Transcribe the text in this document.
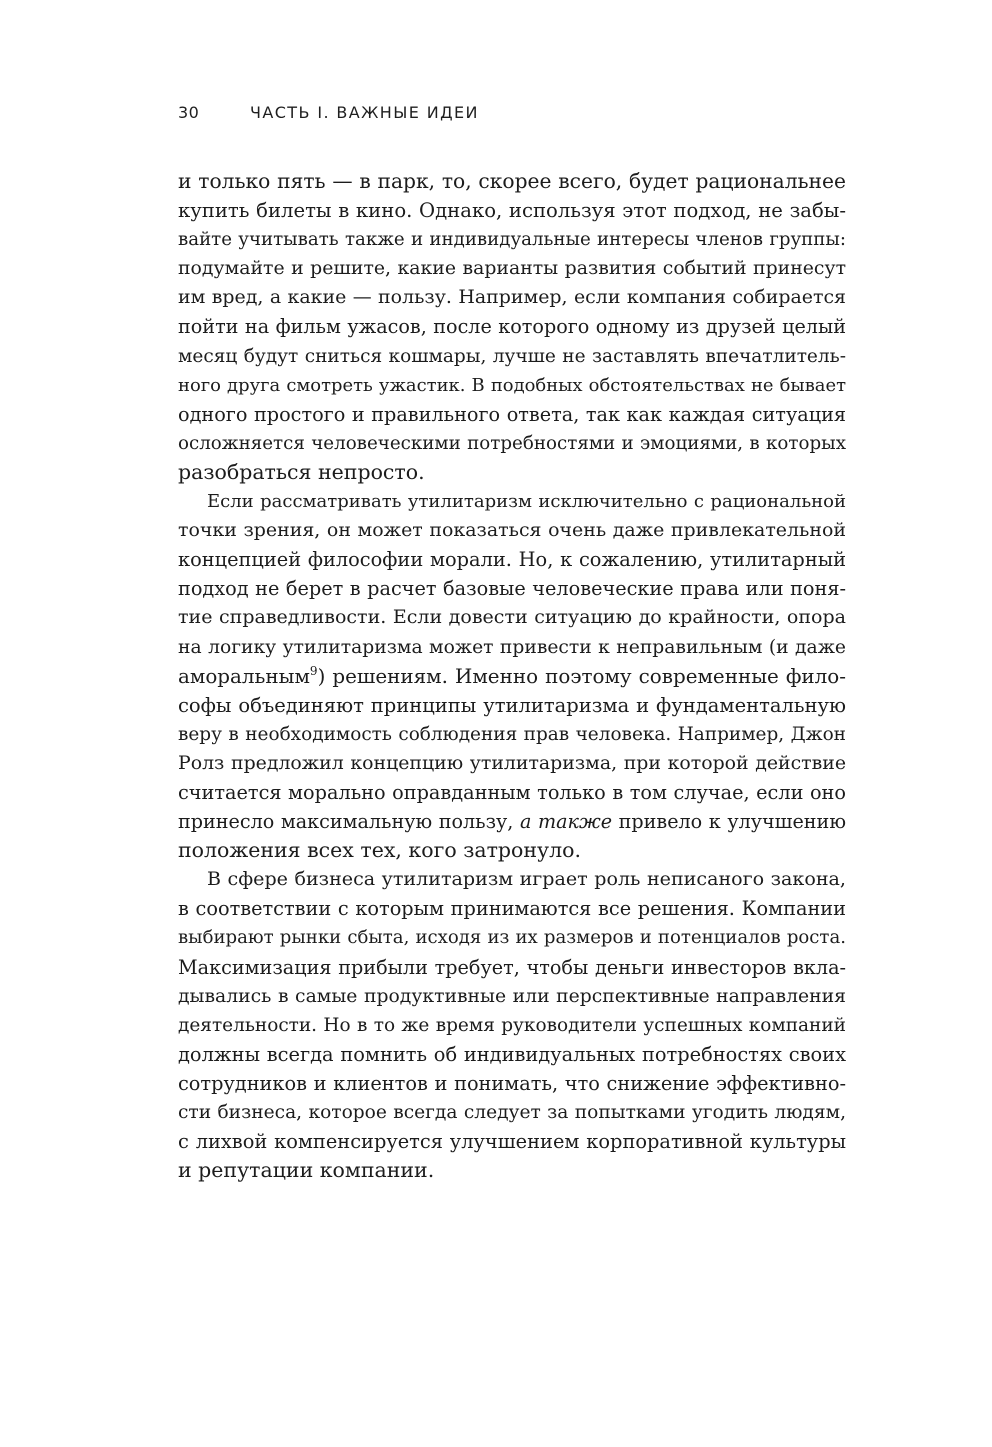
30	ЧАСТЬ I. ВАЖНЫЕ ИДЕИ
и только пять — в парк, то, скорее всего, будет рациональнее
купить билеты в кино. Однако, используя этот подход, не забы-
вайте учитывать также и индивидуальные интересы членов группы:
подумайте и решите, какие варианты развития событий принесут
им вред, а какие — пользу. Например, если компания собирается
пойти на фильм ужасов, после которого одному из друзей целый
месяц будут сниться кошмары, лучше не заставлять впечатлитель-
ного друга смотреть ужастик. В подобных обстоятельствах не бывает
одного простого и правильного ответа, так как каждая ситуация
осложняется человеческими потребностями и эмоциями, в которых
разобраться непросто.
Если рассматривать утилитаризм исключительно с рациональной
точки зрения, он может показаться очень даже привлекательной
концепцией философии морали. Но, к сожалению, утилитарный
подход не берет в расчет базовые человеческие права или поня-
тие справедливости. Если довести ситуацию до крайности, опора
на логику утилитаризма может привести к неправильным (и даже
аморальным$^9$) решениям. Именно поэтому современные фило-
софы объединяют принципы утилитаризма и фундаментальную
веру в необходимость соблюдения прав человека. Например, Джон
Ролз предложил концепцию утилитаризма, при которой действие
считается морально оправданным только в том случае, если оно
принесло максимальную пользу, а также привело к улучшению
положения всех тех, кого затронуло.
В сфере бизнеса утилитаризм играет роль неписаного закона,
в соответствии с которым принимаются все решения. Компании
выбирают рынки сбыта, исходя из их размеров и потенциалов роста.
Максимизация прибыли требует, чтобы деньги инвесторов вкла-
дывались в самые продуктивные или перспективные направления
деятельности. Но в то же время руководители успешных компаний
должны всегда помнить об индивидуальных потребностях своих
сотрудников и клиентов и понимать, что снижение эффективно-
сти бизнеса, которое всегда следует за попытками угодить людям,
с лихвой компенсируется улучшением корпоративной культуры
и репутации компании.
